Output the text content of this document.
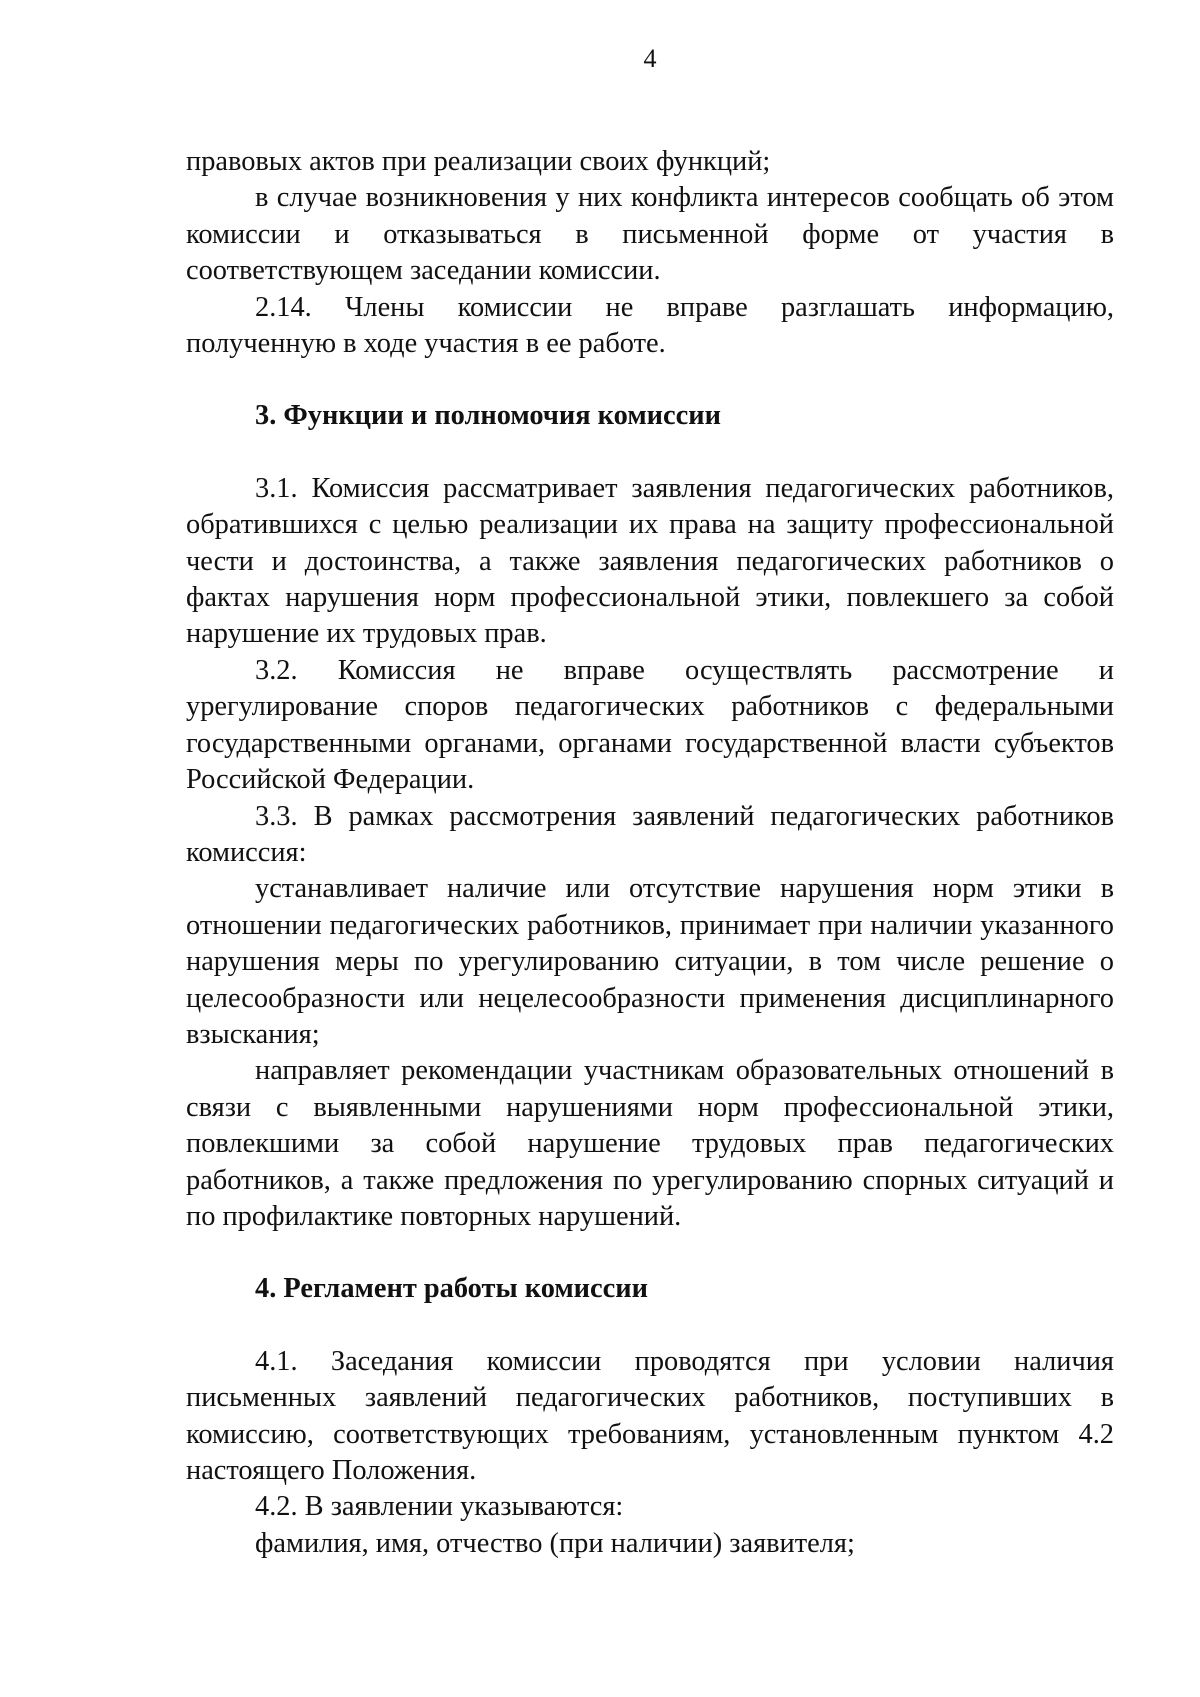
4

правовых актов при реализации своих функций;

в случае возникновения у них конфликта интересов сообщать об этом комиссии и отказываться в письменной форме от участия в соответствующем заседании комиссии.

2.14. Члены комиссии не вправе разглашать информацию, полученную в ходе участия в ее работе.

3. Функции и полномочия комиссии

3.1. Комиссия рассматривает заявления педагогических работников, обратившихся с целью реализации их права на защиту профессиональной чести и достоинства, а также заявления педагогических работников о фактах нарушения норм профессиональной этики, повлекшего за собой нарушение их трудовых прав.

3.2. Комиссия не вправе осуществлять рассмотрение и урегулирование споров педагогических работников с федеральными государственными органами, органами государственной власти субъектов Российской Федерации.

3.3. В рамках рассмотрения заявлений педагогических работников комиссия:

устанавливает наличие или отсутствие нарушения норм этики в отношении педагогических работников, принимает при наличии указанного нарушения меры по урегулированию ситуации, в том числе решение о целесообразности или нецелесообразности применения дисциплинарного взыскания;

направляет рекомендации участникам образовательных отношений в связи с выявленными нарушениями норм профессиональной этики, повлекшими за собой нарушение трудовых прав педагогических работников, а также предложения по урегулированию спорных ситуаций и по профилактике повторных нарушений.

4. Регламент работы комиссии

4.1. Заседания комиссии проводятся при условии наличия письменных заявлений педагогических работников, поступивших в комиссию, соответствующих требованиям, установленным пунктом 4.2 настоящего Положения.

4.2. В заявлении указываются:

фамилия, имя, отчество (при наличии) заявителя;
